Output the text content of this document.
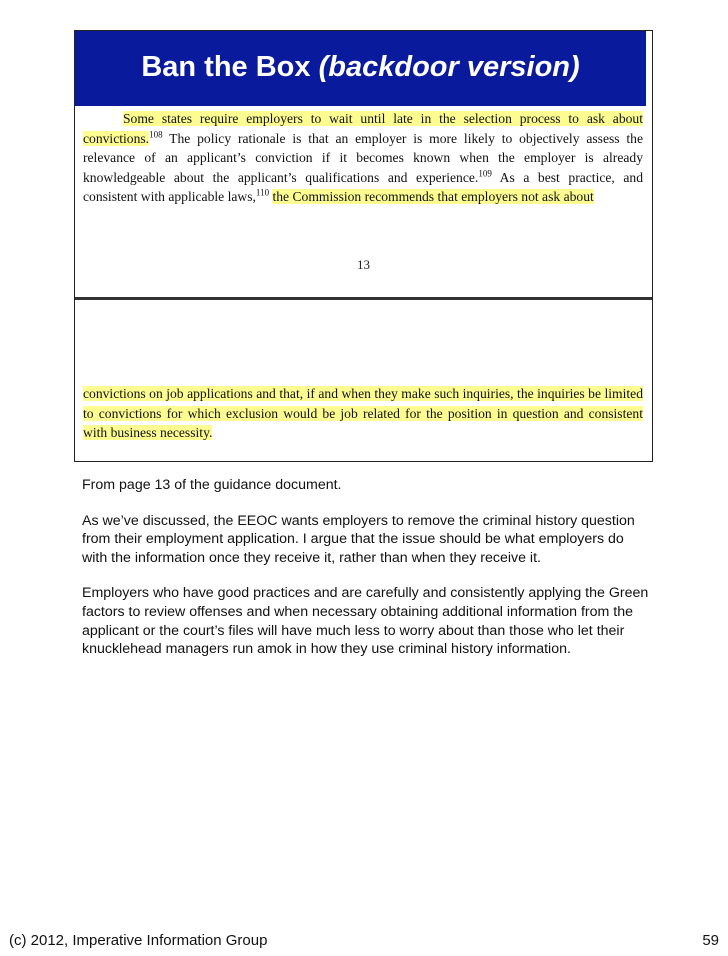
Ban the Box (backdoor version)

Some states require employers to wait until late in the selection process to ask about convictions.$^{108}$ The policy rationale is that an employer is more likely to objectively assess the relevance of an applicant’s conviction if it becomes known when the employer is already knowledgeable about the applicant’s qualifications and experience.$^{109}$ As a best practice, and consistent with applicable laws,$^{110}$ the Commission recommends that employers not ask about

13

convictions on job applications and that, if and when they make such inquiries, the inquiries be limited to convictions for which exclusion would be job related for the position in question and consistent with business necessity.

From page 13 of the guidance document.

As we’ve discussed, the EEOC wants employers to remove the criminal history question from their employment application. I argue that the issue should be what employers do with the information once they receive it, rather than when they receive it.

Employers who have good practices and are carefully and consistently applying the Green factors to review offenses and when necessary obtaining additional information from the applicant or the court’s files will have much less to worry about than those who let their knucklehead managers run amok in how they use criminal history information.

(c) 2012, Imperative Information Group	59
